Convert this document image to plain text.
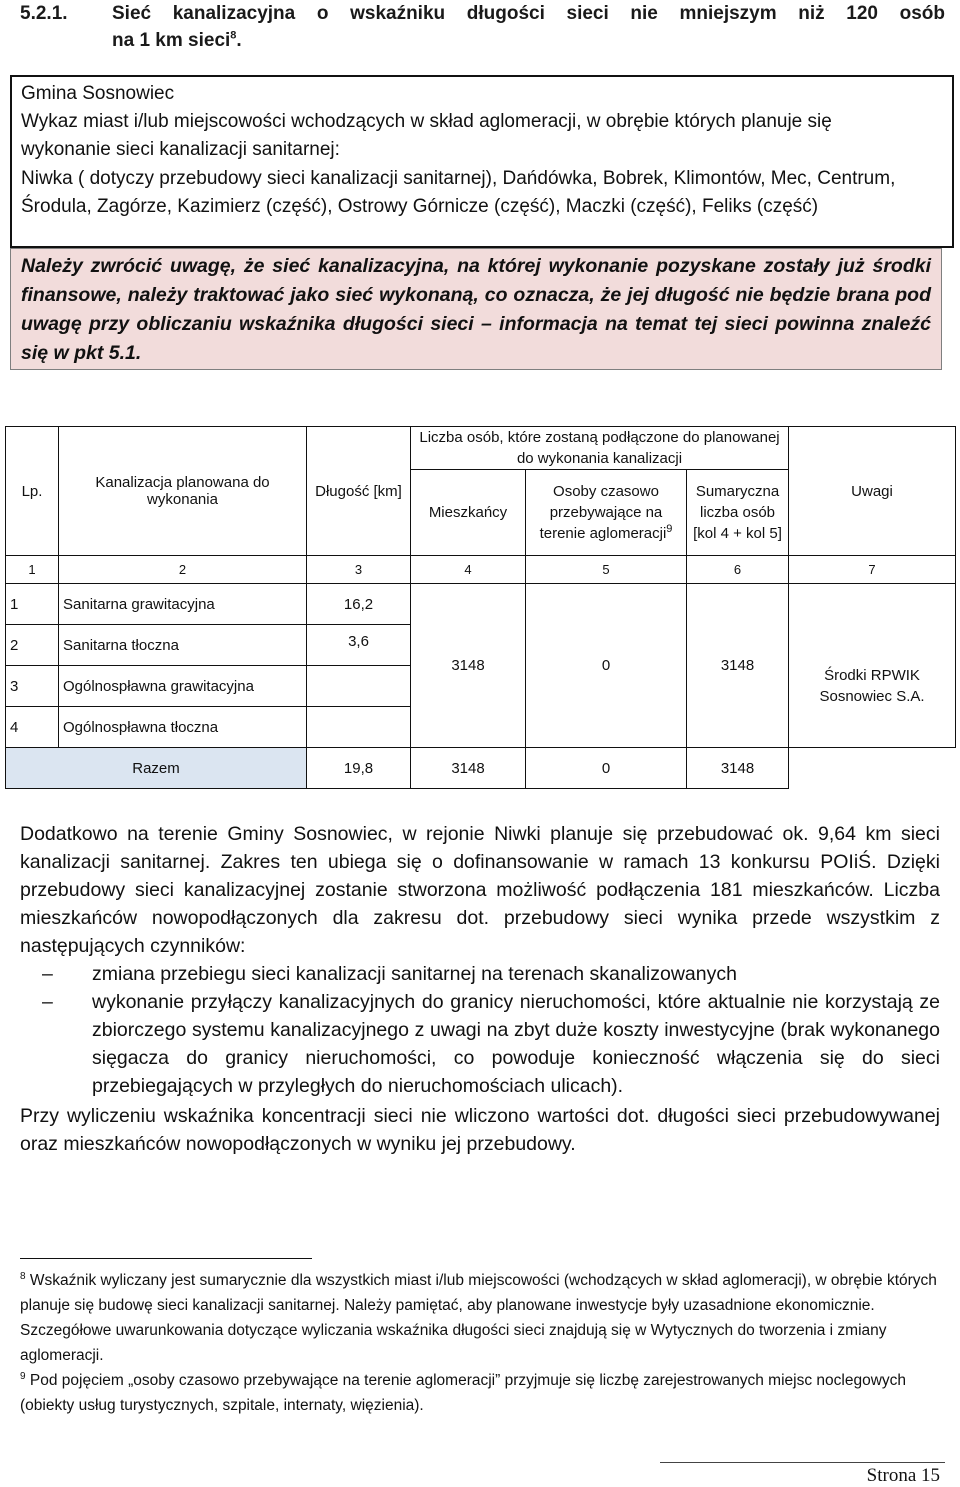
5.2.1. Sieć kanalizacyjna o wskaźniku długości sieci nie mniejszym niż 120 osób
na 1 km sieci$^8$.
Gmina Sosnowiec
Wykaz miast i/lub miejscowości wchodzących w skład aglomeracji, w obrębie których planuje się
wykonanie sieci kanalizacji sanitarnej:
Niwka ( dotyczy przebudowy sieci kanalizacji sanitarnej), Dańdówka, Bobrek, Klimontów, Mec, Centrum,
Środula, Zagórze, Kazimierz (część), Ostrowy Górnicze (część), Maczki (część), Feliks (część)

Należy zwrócić uwagę, że sieć kanalizacyjna, na której wykonanie pozyskane zostały już środki finansowe, należy traktować jako sieć wykonaną, co oznacza, że jej długość nie będzie brana pod uwagę przy obliczaniu wskaźnika długości sieci – informacja na temat tej sieci powinna znaleźć się w pkt 5.1.

Lp.	Kanalizacja planowana do wykonania	Długość [km]	Liczba osób, które zostaną podłączone do planowanej do wykonania kanalizacji			Uwagi
			Mieszkańcy	Osoby czasowo przebywające na terenie aglomeracji$^9$	Sumaryczna liczba osób [kol 4 + kol 5]	
1	2	3	4	5	6	7
1	Sanitarna grawitacyjna	16,2				
2	Sanitarna tłoczna	3,6	3148	0	3148	Środki RPWIK Sosnowiec S.A.
3	Ogólnospławna grawitacyjna					
4	Ogólnospławna tłoczna					
Razem		19,8	3148	0	3148	

Dodatkowo na terenie Gminy Sosnowiec, w rejonie Niwki planuje się przebudować ok. 9,64 km sieci kanalizacji sanitarnej. Zakres ten ubiega się o dofinansowanie w ramach 13 konkursu POIiŚ. Dzięki przebudowy sieci kanalizacyjnej zostanie stworzona możliwość podłączenia 181 mieszkańców. Liczba mieszkańców nowopodłączonych dla zakresu dot. przebudowy sieci wynika przede wszystkim z następujących czynników:

– zmiana przebiegu sieci kanalizacji sanitarnej na terenach skanalizowanych
– wykonanie przyłączy kanalizacyjnych do granicy nieruchomości, które aktualnie nie korzystają ze zbiorczego systemu kanalizacyjnego z uwagi na zbyt duże koszty inwestycyjne (brak wykonanego sięgacza do granicy nieruchomości, co powoduje konieczność włączenia się do sieci przebiegających w przyległych do nieruchomościach ulicach).

Przy wyliczeniu wskaźnika koncentracji sieci nie wliczono wartości dot. długości sieci przebudowywanej oraz mieszkańców nowopodłączonych w wyniku jej przebudowy.

$^8$ Wskaźnik wyliczany jest sumarycznie dla wszystkich miast i/lub miejscowości (wchodzących w skład aglomeracji), w obrębie których planuje się budowę sieci kanalizacji sanitarnej. Należy pamiętać, aby planowane inwestycje były uzasadnione ekonomicznie. Szczegółowe uwarunkowania dotyczące wyliczania wskaźnika długości sieci znajdują się w Wytycznych do tworzenia i zmiany aglomeracji.

$^9$ Pod pojęciem „osoby czasowo przebywające na terenie aglomeracji” przyjmuje się liczbę zarejestrowanych miejsc noclegowych (obiekty usług turystycznych, szpitale, internaty, więzienia).

Strona 15
